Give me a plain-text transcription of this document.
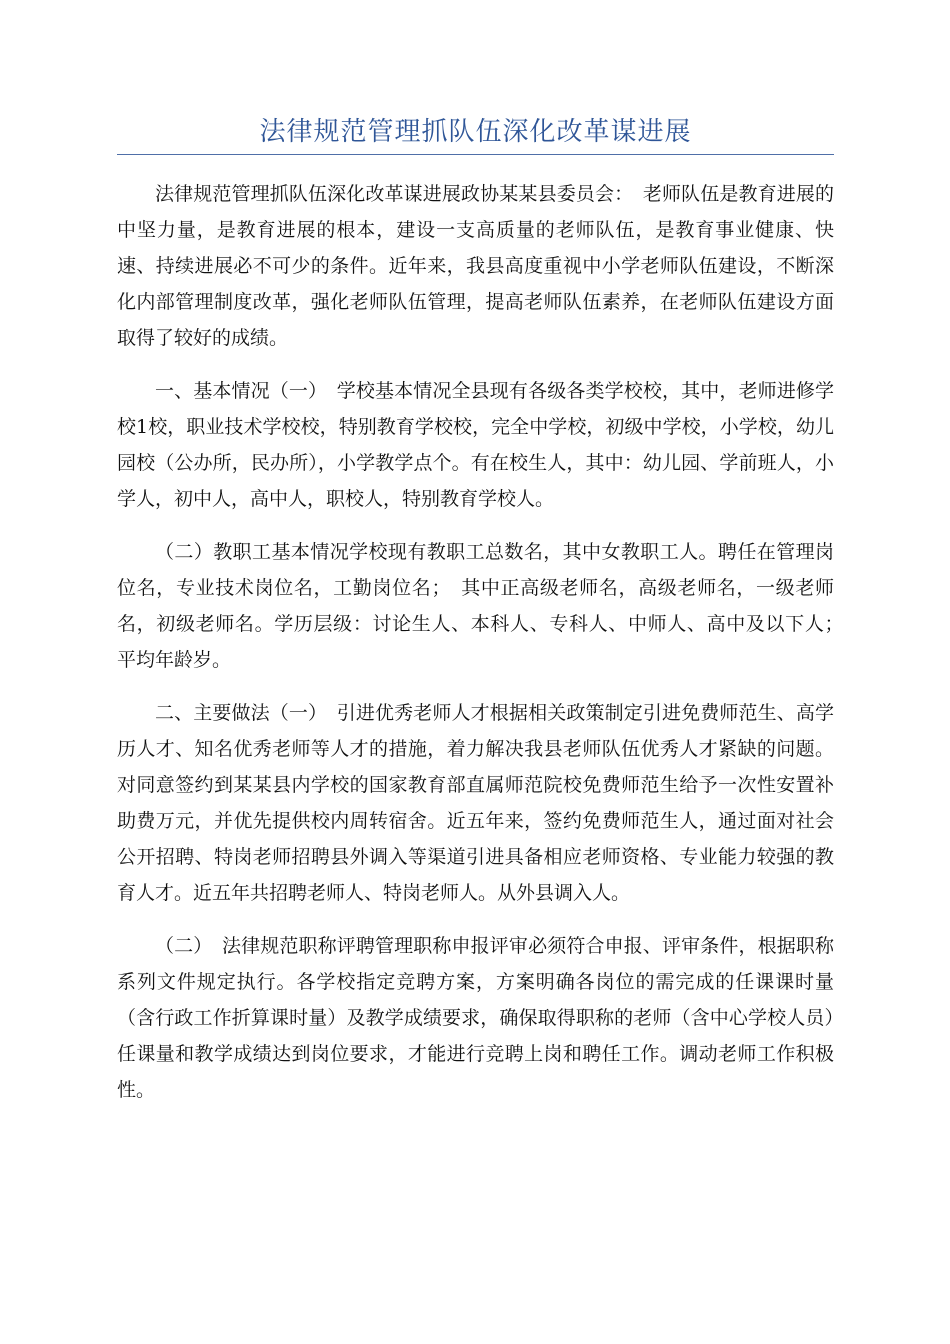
法律规范管理抓队伍深化改革谋进展

法律规范管理抓队伍深化改革谋进展政协某某县委员会：　老师队伍是教育进展的中坚力量，是教育进展的根本，建设一支高质量的老师队伍，是教育事业健康、快速、持续进展必不可少的条件。近年来，我县高度重视中小学老师队伍建设，不断深化内部管理制度改革，强化老师队伍管理，提高老师队伍素养，在老师队伍建设方面取得了较好的成绩。

一、基本情况（一）　学校基本情况全县现有各级各类学校校，其中，老师进修学校1校，职业技术学校校，特别教育学校校，完全中学校，初级中学校，小学校，幼儿园校（公办所，民办所），小学教学点个。有在校生人，其中：幼儿园、学前班人，小学人，初中人，高中人，职校人，特别教育学校人。

（二）教职工基本情况学校现有教职工总数名，其中女教职工人。聘任在管理岗位名，专业技术岗位名，工勤岗位名；　其中正高级老师名，高级老师名，一级老师名，初级老师名。学历层级：讨论生人、本科人、专科人、中师人、高中及以下人；　平均年龄岁。

二、主要做法（一）　引进优秀老师人才根据相关政策制定引进免费师范生、高学历人才、知名优秀老师等人才的措施，着力解决我县老师队伍优秀人才紧缺的问题。对同意签约到某某县内学校的国家教育部直属师范院校免费师范生给予一次性安置补助费万元，并优先提供校内周转宿舍。近五年来，签约免费师范生人，通过面对社会公开招聘、特岗老师招聘县外调入等渠道引进具备相应老师资格、专业能力较强的教育人才。近五年共招聘老师人、特岗老师人。从外县调入人。

（二）　法律规范职称评聘管理职称申报评审必须符合申报、评审条件，根据职称系列文件规定执行。各学校指定竞聘方案，方案明确各岗位的需完成的任课课时量（含行政工作折算课时量）及教学成绩要求，确保取得职称的老师（含中心学校人员）任课量和教学成绩达到岗位要求，才能进行竞聘上岗和聘任工作。调动老师工作积极性。
